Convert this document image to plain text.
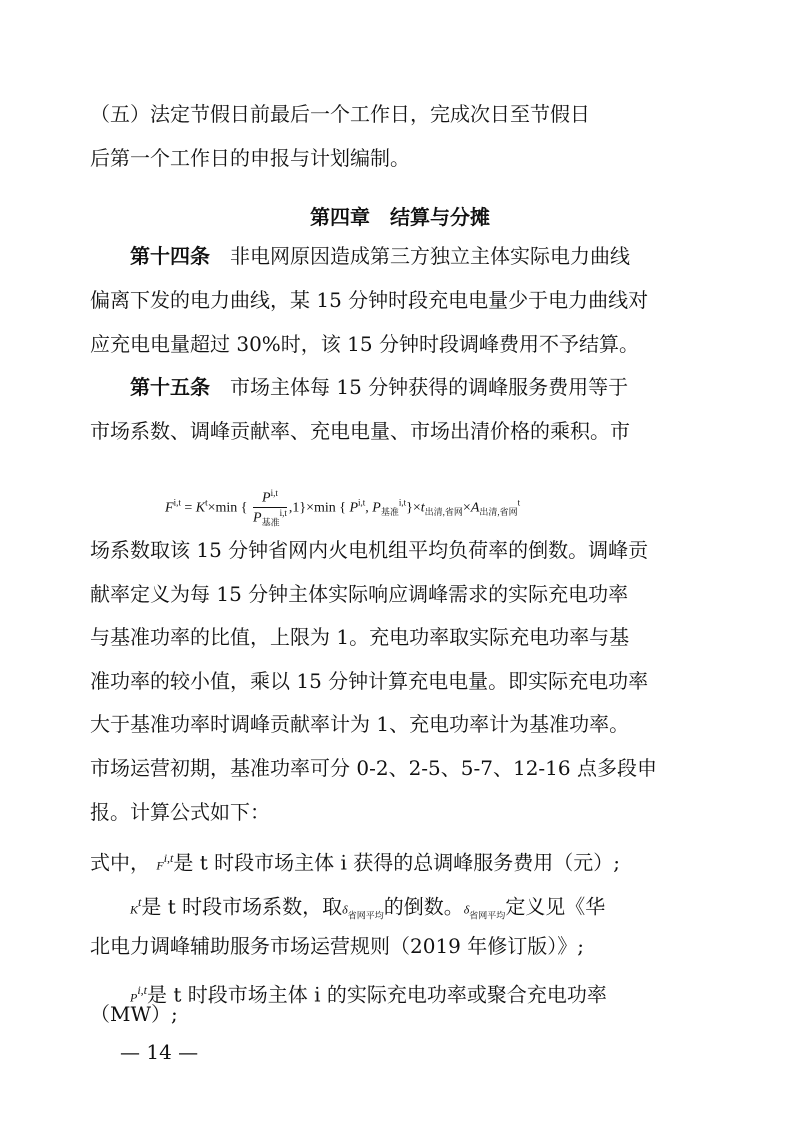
（五）法定节假日前最后一个工作日，完成次日至节假日
后第一个工作日的申报与计划编制。
第四章　结算与分摊
第十四条　非电网原因造成第三方独立主体实际电力曲线
偏离下发的电力曲线，某 15 分钟时段充电电量少于电力曲线对
应充电电量超过 30%时，该 15 分钟时段调峰费用不予结算。
第十五条　市场主体每 15 分钟获得的调峰服务费用等于
市场系数、调峰贡献率、充电电量、市场出清价格的乘积。市
$F^{i,t} = K^t\times\min$ { $\frac{P^{i,t}}{P_{基准}^{i,t}} ,1\}\times\min$ { P$^{i,t}$, $P_{基准}^{i,t}\}\times t_{出清,省网}\times A_{出清,省网}^t$
场系数取该 15 分钟省网内火电机组平均负荷率的倒数。调峰贡
献率定义为每 15 分钟主体实际响应调峰需求的实际充电功率
与基准功率的比值，上限为 1。充电功率取实际充电功率与基
准功率的较小值，乘以 15 分钟计算充电电量。即实际充电功率
大于基准功率时调峰贡献率计为 1、充电功率计为基准功率。
市场运营初期，基准功率可分 0-2、2-5、5-7、12-16 点多段申
报。计算公式如下：
式中， F$^{i,t}$是 t 时段市场主体 i 获得的总调峰服务费用（元）;
$K^t$是 t 时段市场系数，取$\delta_{省网平均}$的倒数。$\delta_{省网平均}$定义见《华
北电力调峰辅助服务市场运营规则（2019 年修订版）》;
P$^{i,t}$是 t 时段市场主体 i 的实际充电功率或聚合充电功率
（MW）;
— 14 —
